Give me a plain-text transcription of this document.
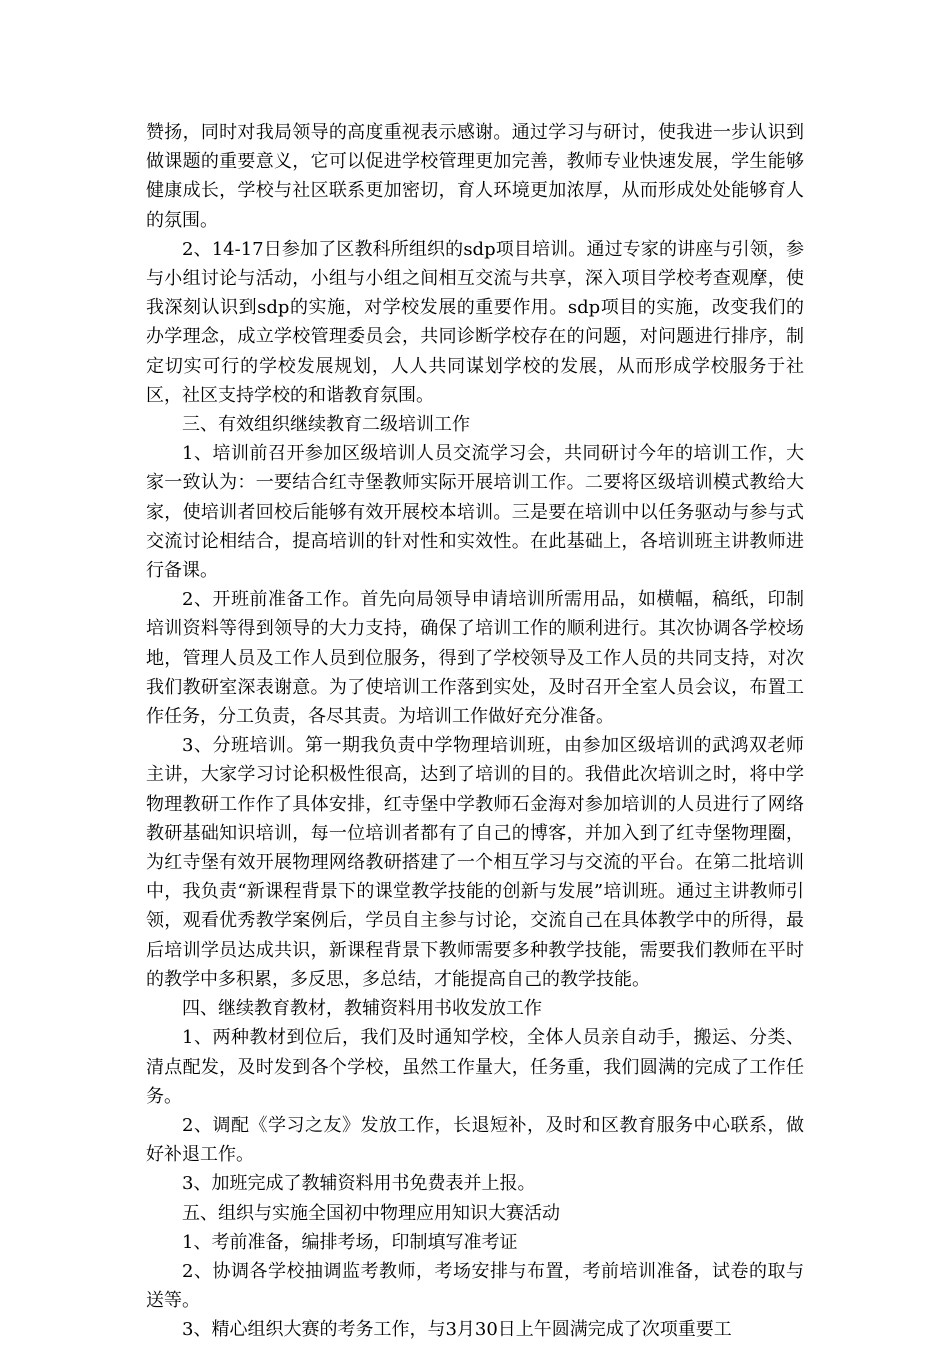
赞扬，同时对我局领导的高度重视表示感谢。通过学习与研讨，使我进一步认识到做课题的重要意义，它可以促进学校管理更加完善，教师专业快速发展，学生能够健康成长，学校与社区联系更加密切，育人环境更加浓厚，从而形成处处能够育人的氛围。

2、14-17日参加了区教科所组织的sdp项目培训。通过专家的讲座与引领，参与小组讨论与活动，小组与小组之间相互交流与共享，深入项目学校考查观摩，使我深刻认识到sdp的实施，对学校发展的重要作用。sdp项目的实施，改变我们的办学理念，成立学校管理委员会，共同诊断学校存在的问题，对问题进行排序，制定切实可行的学校发展规划，人人共同谋划学校的发展，从而形成学校服务于社区，社区支持学校的和谐教育氛围。

三、有效组织继续教育二级培训工作

1、培训前召开参加区级培训人员交流学习会，共同研讨今年的培训工作，大家一致认为：一要结合红寺堡教师实际开展培训工作。二要将区级培训模式教给大家，使培训者回校后能够有效开展校本培训。三是要在培训中以任务驱动与参与式交流讨论相结合，提高培训的针对性和实效性。在此基础上，各培训班主讲教师进行备课。

2、开班前准备工作。首先向局领导申请培训所需用品，如横幅，稿纸，印制培训资料等得到领导的大力支持，确保了培训工作的顺利进行。其次协调各学校场地，管理人员及工作人员到位服务，得到了学校领导及工作人员的共同支持，对次我们教研室深表谢意。为了使培训工作落到实处，及时召开全室人员会议，布置工作任务，分工负责，各尽其责。为培训工作做好充分准备。

3、分班培训。第一期我负责中学物理培训班，由参加区级培训的武鸿双老师主讲，大家学习讨论积极性很高，达到了培训的目的。我借此次培训之时，将中学物理教研工作作了具体安排，红寺堡中学教师石金海对参加培训的人员进行了网络教研基础知识培训，每一位培训者都有了自己的博客，并加入到了红寺堡物理圈，为红寺堡有效开展物理网络教研搭建了一个相互学习与交流的平台。在第二批培训中，我负责“新课程背景下的课堂教学技能的创新与发展”培训班。通过主讲教师引领，观看优秀教学案例后，学员自主参与讨论，交流自己在具体教学中的所得，最后培训学员达成共识，新课程背景下教师需要多种教学技能，需要我们教师在平时的教学中多积累，多反思，多总结，才能提高自己的教学技能。

四、继续教育教材，教辅资料用书收发放工作

1、两种教材到位后，我们及时通知学校，全体人员亲自动手，搬运、分类、清点配发，及时发到各个学校，虽然工作量大，任务重，我们圆满的完成了工作任务。

2、调配《学习之友》发放工作，长退短补，及时和区教育服务中心联系，做好补退工作。

3、加班完成了教辅资料用书免费表并上报。

五、组织与实施全国初中物理应用知识大赛活动

1、考前准备，编排考场，印制填写准考证

2、协调各学校抽调监考教师，考场安排与布置，考前培训准备，试卷的取与送等。

3、精心组织大赛的考务工作，与3月30日上午圆满完成了次项重要工
